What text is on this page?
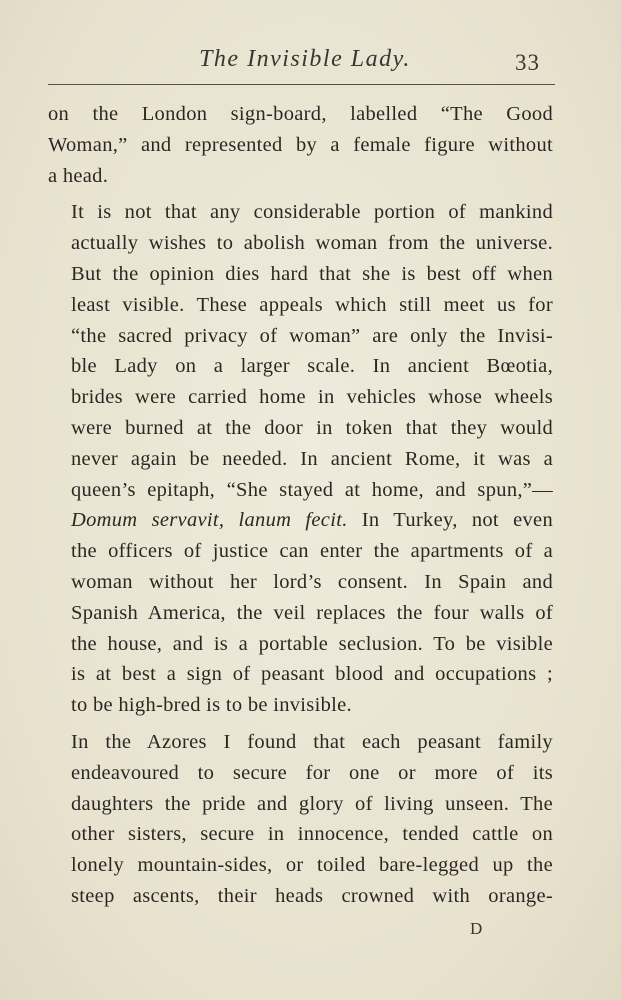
The Invisible Lady.	33

on the London sign-board, labelled “The Good
Woman,” and represented by a female figure without
a head.

It is not that any considerable portion of mankind
actually wishes to abolish woman from the universe.
But the opinion dies hard that she is best off when
least visible. These appeals which still meet us for
“the sacred privacy of woman” are only the Invisi-
ble Lady on a larger scale. In ancient Bœotia,
brides were carried home in vehicles whose wheels
were burned at the door in token that they would
never again be needed. In ancient Rome, it was a
queen’s epitaph, “She stayed at home, and spun,”—
Domum servavit, lanum fecit. In Turkey, not even
the officers of justice can enter the apartments of a
woman without her lord’s consent. In Spain and
Spanish America, the veil replaces the four walls of
the house, and is a portable seclusion. To be visible
is at best a sign of peasant blood and occupations ;
to be high-bred is to be invisible.

In the Azores I found that each peasant family
endeavoured to secure for one or more of its
daughters the pride and glory of living unseen. The
other sisters, secure in innocence, tended cattle on
lonely mountain-sides, or toiled bare-legged up the
steep ascents, their heads crowned with orange-

D
